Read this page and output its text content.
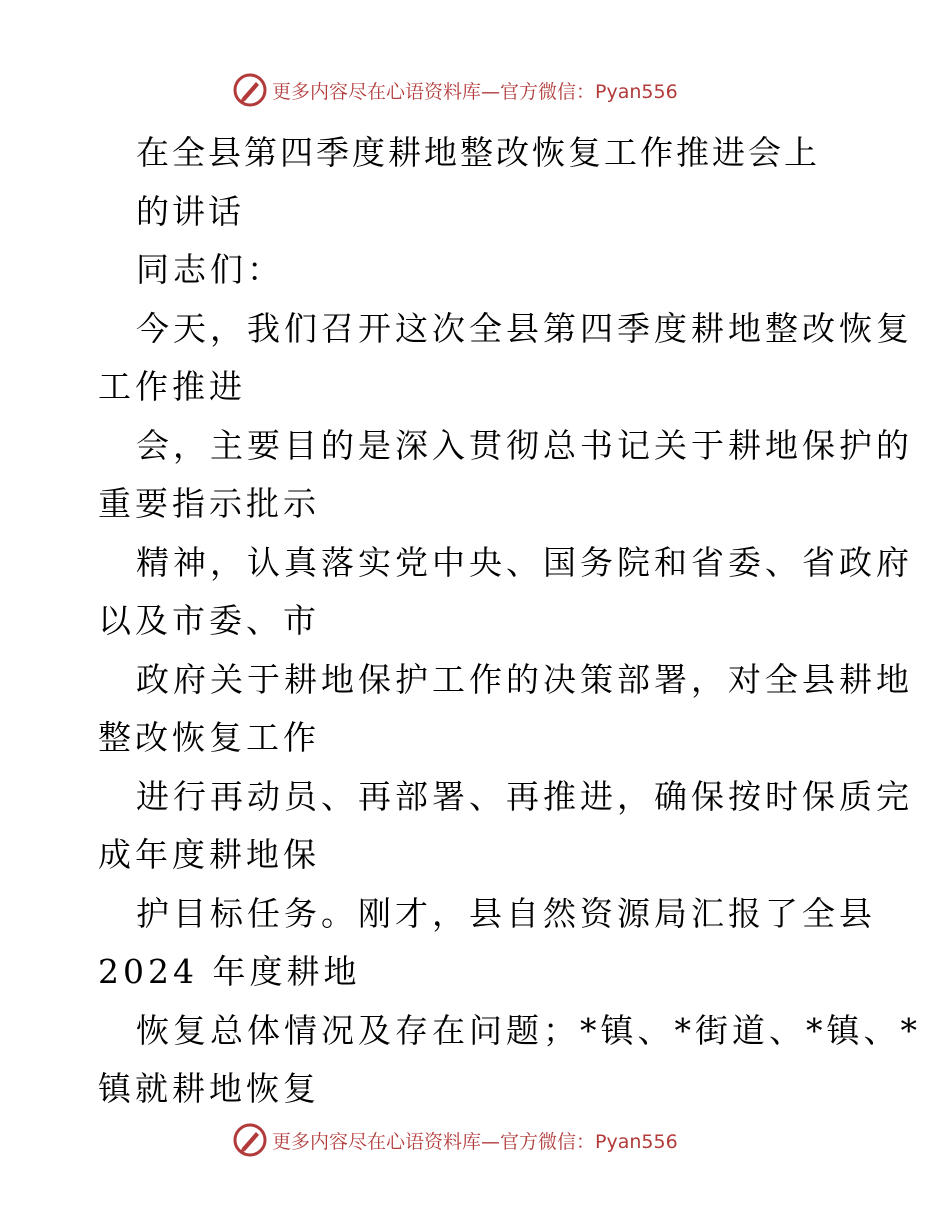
更多内容尽在心语资料库—官方微信：Pyan556
在全县第四季度耕地整改恢复工作推进会上
的讲话
同志们：
今天，我们召开这次全县第四季度耕地整改恢复
工作推进
会，主要目的是深入贯彻总书记关于耕地保护的
重要指示批示
精神，认真落实党中央、国务院和省委、省政府
以及市委、市
政府关于耕地保护工作的决策部署，对全县耕地
整改恢复工作
进行再动员、再部署、再推进，确保按时保质完
成年度耕地保
护目标任务。刚才，县自然资源局汇报了全县
2024 年度耕地
恢复总体情况及存在问题；*镇、*街道、*镇、*
镇就耕地恢复
更多内容尽在心语资料库—官方微信：Pyan556
